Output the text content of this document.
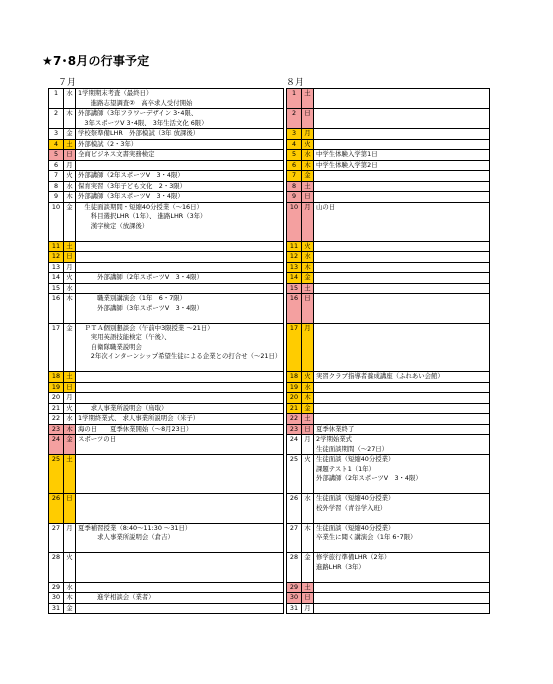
★7･8月の行事予定
７月	８月
1	水	1学期期末考査（最終日）
　　進路志望調査②　高卒求人受付開始

2	木	外部講師（3年フラワーデザイン 3･4限、
　3年スポーツⅤ 3･4限、 3年生活文化 6限）

3	金	学校祭準備LHR　外部模試（3年 放課後）

4	土	外部模試（2・3年）

5	日	全商ビジネス文書実務検定

6	月	

7	火	外部講師（2年スポーツⅤ　3・4限）

8	水	保育実習（3年子ども文化　2・3限）

9	木	外部講師（3年スポーツⅤ　3・4限）

10	金	　生徒面談期間・短縮40分授業（～16日）
　　科目選択LHR（1年）、 進路LHR（3年）
　　漢字検定（放課後）

11	土	

12	日	

13	月	

14	火	　　　外部講師（2年スポーツⅤ　3・4限）

15	水	

16	木	　　　職業別講演会（1年　6・7限）
　　　外部講師（3年スポーツⅤ　3・4限）

17	金	　ＰＴＡ個別懇談会（午前中3限授業 ～21日）
　　実用英語技能検定（午後）、
　　自衛隊職業説明会
　　2年次インターンシップ希望生徒による企業との打合せ（～21日）

18	土	

19	日	

20	月	

21	火	　　求人事業所説明会（鳥取）

22	水	1学期終業式、 求人事業所説明会（米子）

23	木	海の日　　夏季休業開始（～8月23日）

24	金	スポーツの日

25	土	

26	日	

27	月	夏季補習授業（8:40～11:30 ～31日）
　　　求人事業所説明会（倉吉）

28	火	

29	水	

30	木	　　　進学相談会（業者）

31	金	

1	土	

2	日	

3	月	

4	火	

5	水	中学生体験入学第1日

6	木	中学生体験入学第2日

7	金	

8	土	

9	日	

10	月	山の日

11	火	

12	水	

13	木	

14	金	

15	土	

16	日	

17	月	

18	火	実習クラブ指導者養成講座（ふれあい会館）

19	水	

20	木	

21	金	

22	土	

23	日	夏季休業終了

24	月	2学期始業式
生徒面談期間（～27日）

25	火	生徒面談（短縮40分授業）
課題テスト1（1年）
外部講師（2年スポーツⅤ　3・4限）

26	水	生徒面談（短縮40分授業）
校外学習（青谷学入班）

27	木	生徒面談（短縮40分授業）
卒業生に聞く講演会（1年 6･7限）

28	金	修学旅行準備LHR（2年）
進路LHR（3年）

29	土	

30	日	

31	月	
